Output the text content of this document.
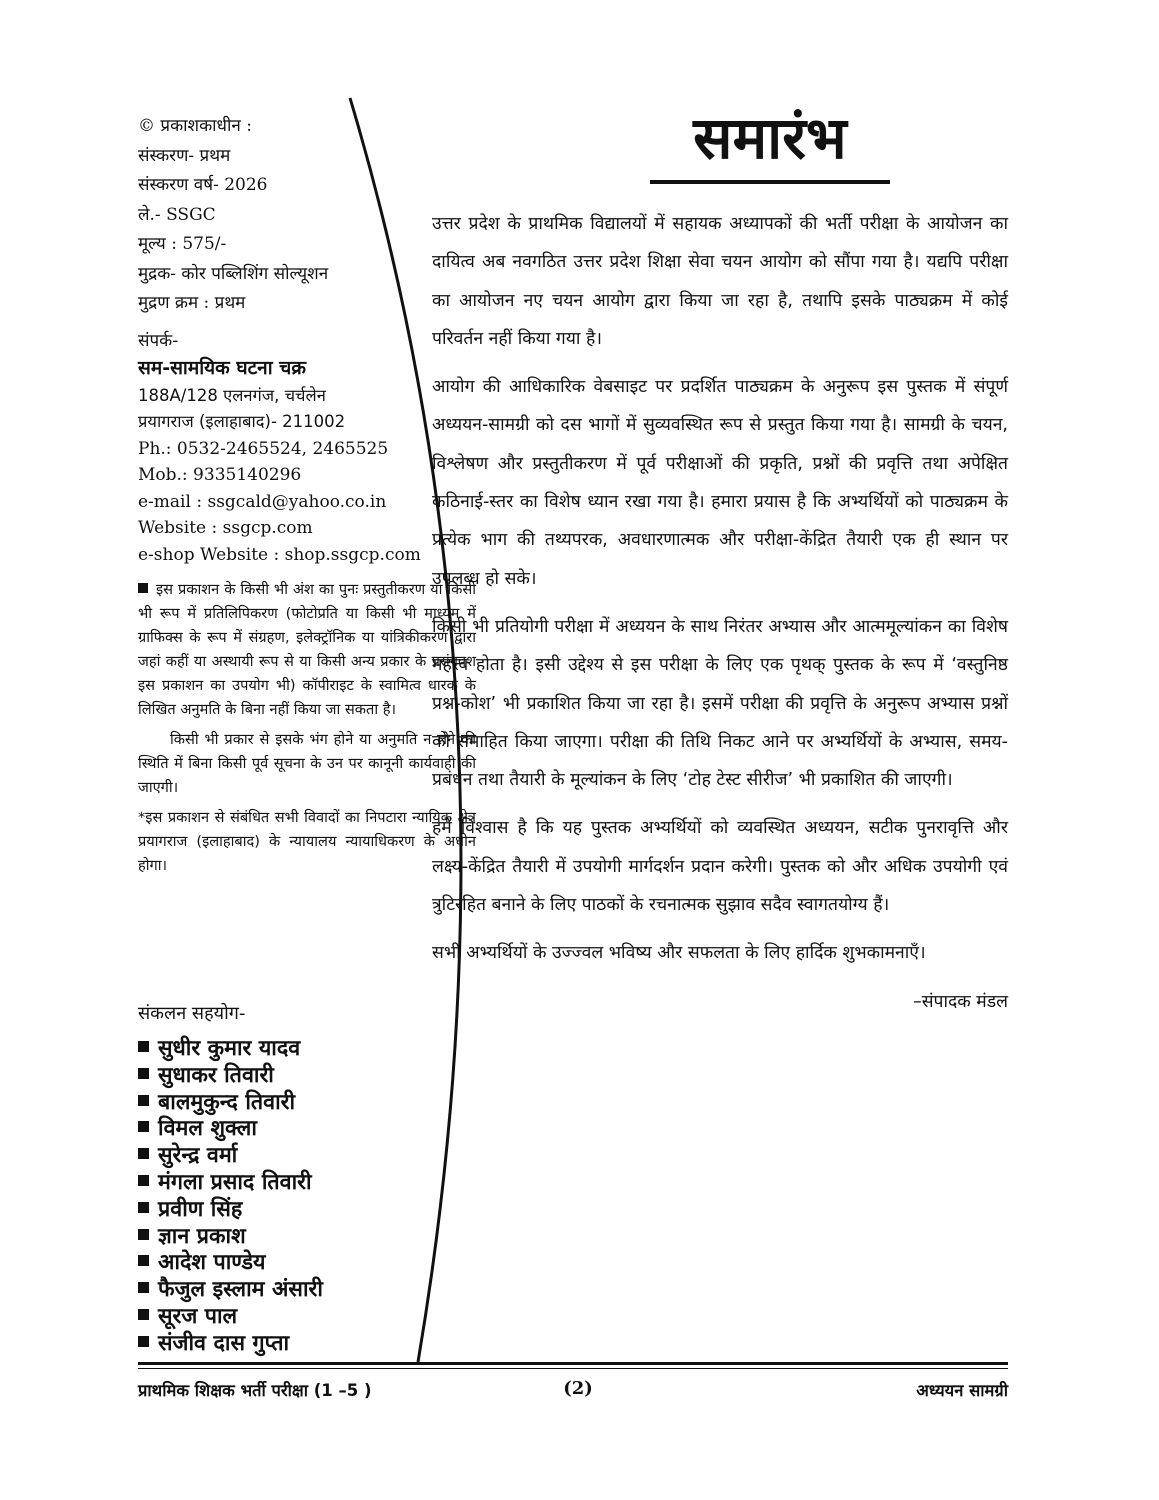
© प्रकाशकाधीन :
संस्करण- प्रथम
संस्करण वर्ष- 2026
ले.- SSGC
मूल्य : 575/-
मुद्रक- कोर पब्लिशिंग सोल्यूशन
मुद्रण क्रम : प्रथम
संपर्क-
सम-सामयिक घटना चक्र
188A/128 एलनगंज, चर्चलेन
प्रयागराज (इलाहाबाद)- 211002
Ph.: 0532-2465524, 2465525
Mob.: 9335140296
e-mail : ssgcald@yahoo.co.in
Website : ssgcp.com
e-shop Website : shop.ssgcp.com

इस प्रकाशन के किसी भी अंश का पुनः प्रस्तुतीकरण या किसी भी रूप में प्रतिलिपिकरण (फोटोप्रति या किसी भी माध्यम में ग्राफिक्स के रूप में संग्रहण, इलेक्ट्रॉनिक या यांत्रिकीकरण द्वारा जहां कहीं या अस्थायी रूप से या किसी अन्य प्रकार के प्रसंगवश इस प्रकाशन का उपयोग भी) कॉपीराइट के स्वामित्व धारक के लिखित अनुमति के बिना नहीं किया जा सकता है।

किसी भी प्रकार से इसके भंग होने या अनुमति न लेने की स्थिति में बिना किसी पूर्व सूचना के उन पर कानूनी कार्यवाही की जाएगी।

*इस प्रकाशन से संबंधित सभी विवादों का निपटारा न्यायिक क्षेत्र प्रयागराज (इलाहाबाद) के न्यायालय न्यायाधिकरण के अधीन होगा।

संकलन सहयोग-
सुधीर कुमार यादव
सुधाकर तिवारी
बालमुकुन्द तिवारी
विमल शुक्ला
सुरेन्द्र वर्मा
मंगला प्रसाद तिवारी
प्रवीण सिंह
ज्ञान प्रकाश
आदेश पाण्डेय
फैजुल इस्लाम अंसारी
सूरज पाल
संजीव दास गुप्ता
समारंभ

उत्तर प्रदेश के प्राथमिक विद्यालयों में सहायक अध्यापकों की भर्ती परीक्षा के आयोजन का दायित्व अब नवगठित उत्तर प्रदेश शिक्षा सेवा चयन आयोग को सौंपा गया है। यद्यपि परीक्षा का आयोजन नए चयन आयोग द्वारा किया जा रहा है, तथापि इसके पाठ्यक्रम में कोई परिवर्तन नहीं किया गया है।

आयोग की आधिकारिक वेबसाइट पर प्रदर्शित पाठ्यक्रम के अनुरूप इस पुस्तक में संपूर्ण अध्ययन-सामग्री को दस भागों में सुव्यवस्थित रूप से प्रस्तुत किया गया है। सामग्री के चयन, विश्लेषण और प्रस्तुतीकरण में पूर्व परीक्षाओं की प्रकृति, प्रश्नों की प्रवृत्ति तथा अपेक्षित कठिनाई-स्तर का विशेष ध्यान रखा गया है। हमारा प्रयास है कि अभ्यर्थियों को पाठ्यक्रम के प्रत्येक भाग की तथ्यपरक, अवधारणात्मक और परीक्षा-केंद्रित तैयारी एक ही स्थान पर उपलब्ध हो सके।

किसी भी प्रतियोगी परीक्षा में अध्ययन के साथ निरंतर अभ्यास और आत्ममूल्यांकन का विशेष महत्त्व होता है। इसी उद्देश्य से इस परीक्षा के लिए एक पृथक् पुस्तक के रूप में ‘वस्तुनिष्ठ प्रश्न-कोश’ भी प्रकाशित किया जा रहा है। इसमें परीक्षा की प्रवृत्ति के अनुरूप अभ्यास प्रश्नों को समाहित किया जाएगा। परीक्षा की तिथि निकट आने पर अभ्यर्थियों के अभ्यास, समय-प्रबंधन तथा तैयारी के मूल्यांकन के लिए ‘टोह टेस्ट सीरीज’ भी प्रकाशित की जाएगी।

हमें विश्वास है कि यह पुस्तक अभ्यर्थियों को व्यवस्थित अध्ययन, सटीक पुनरावृत्ति और लक्ष्य-केंद्रित तैयारी में उपयोगी मार्गदर्शन प्रदान करेगी। पुस्तक को और अधिक उपयोगी एवं त्रुटिरहित बनाने के लिए पाठकों के रचनात्मक सुझाव सदैव स्वागतयोग्य हैं।

सभी अभ्यर्थियों के उज्ज्वल भविष्य और सफलता के लिए हार्दिक शुभकामनाएँ।

–संपादक मंडल
प्राथमिक शिक्षक भर्ती परीक्षा (1 –5 )	(2)	अध्ययन सामग्री
